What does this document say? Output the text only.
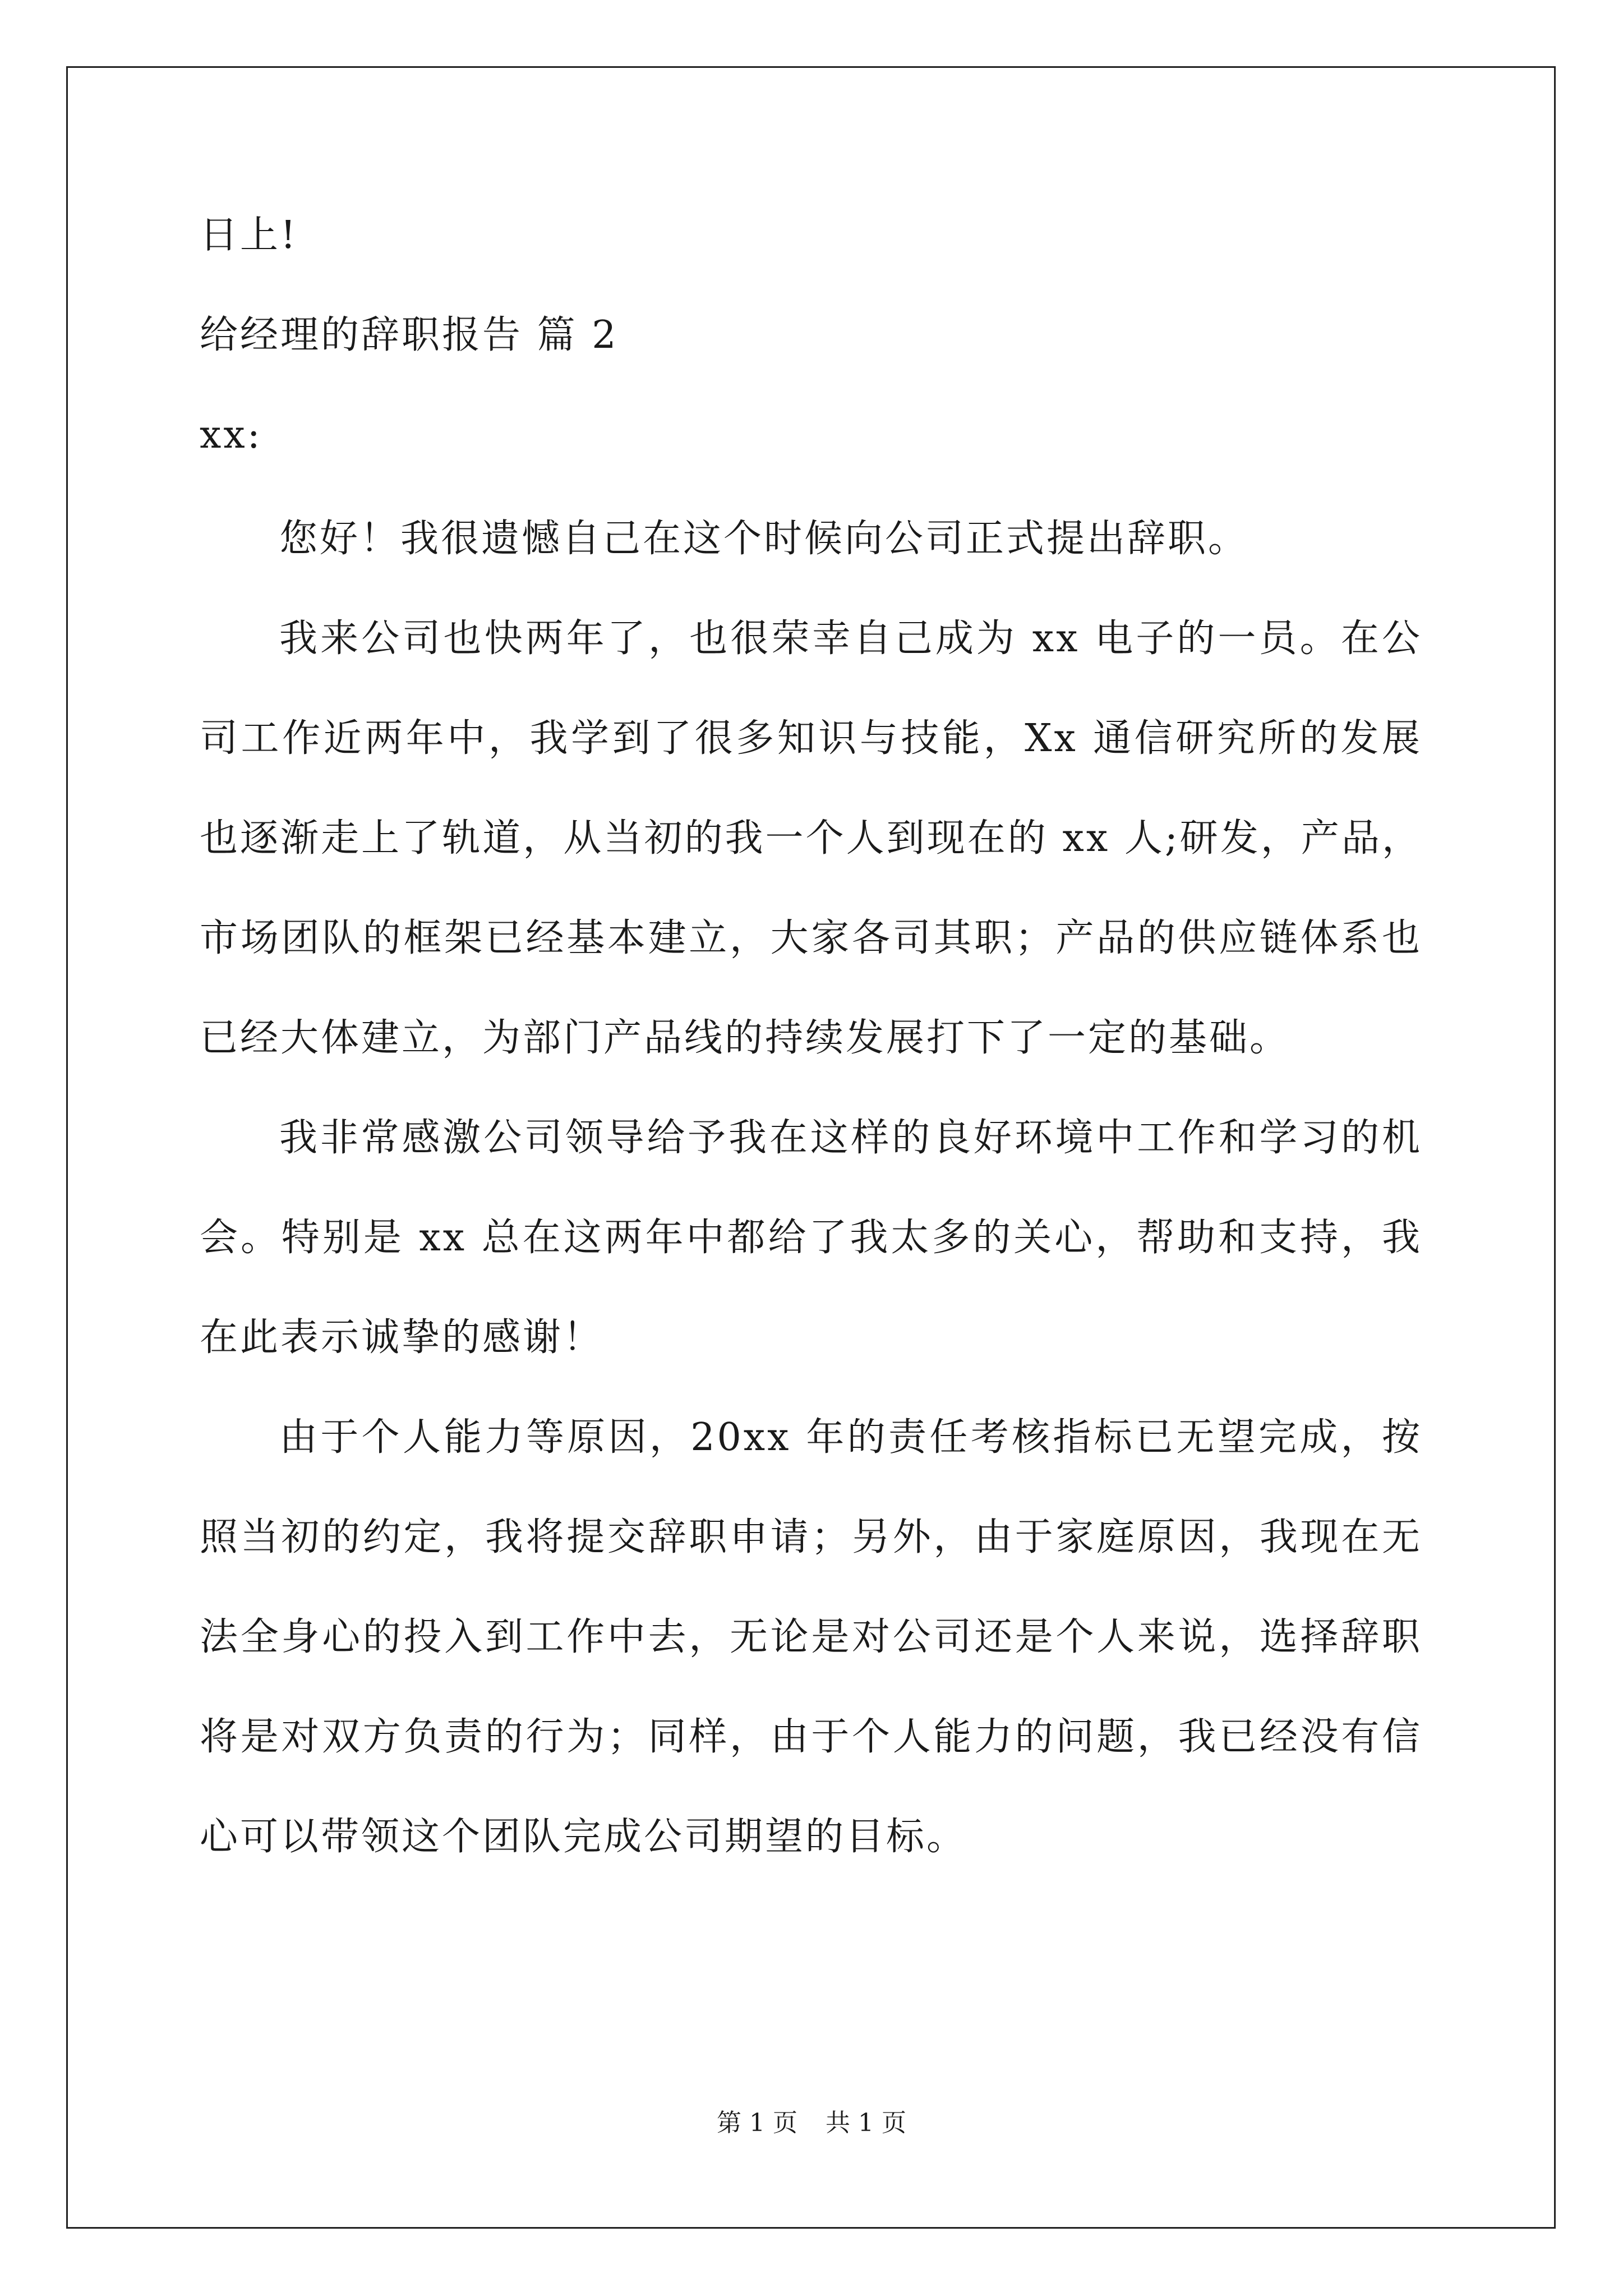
日上!
给经理的辞职报告 篇 2
xx:

您好！我很遗憾自己在这个时候向公司正式提出辞职。

我来公司也快两年了，也很荣幸自己成为 xx 电子的一员。在公司工作近两年中，我学到了很多知识与技能，Xx 通信研究所的发展也逐渐走上了轨道，从当初的我一个人到现在的 xx 人;研发，产品，市场团队的框架已经基本建立，大家各司其职；产品的供应链体系也已经大体建立，为部门产品线的持续发展打下了一定的基础。

我非常感激公司领导给予我在这样的良好环境中工作和学习的机会。特别是 xx 总在这两年中都给了我太多的关心，帮助和支持，我在此表示诚挚的感谢！

由于个人能力等原因，20xx 年的责任考核指标已无望完成，按照当初的约定，我将提交辞职申请；另外，由于家庭原因，我现在无法全身心的投入到工作中去，无论是对公司还是个人来说，选择辞职将是对双方负责的行为；同样，由于个人能力的问题，我已经没有信心可以带领这个团队完成公司期望的目标。

第 1 页 共 1 页
